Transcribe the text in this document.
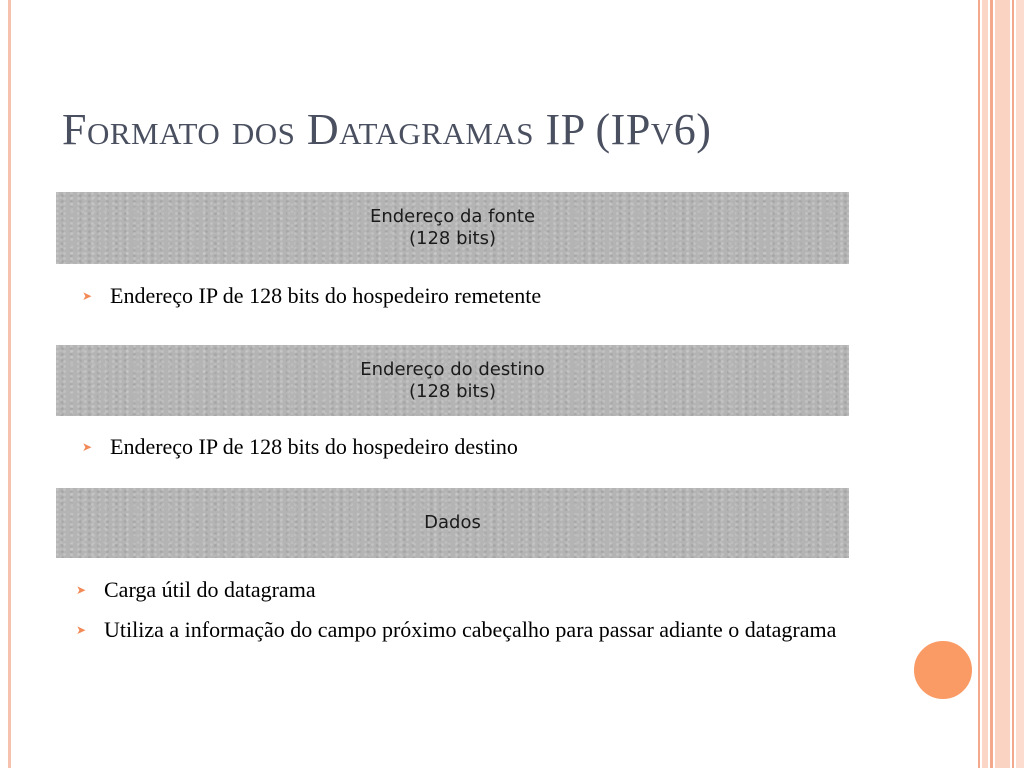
Formato dos Datagramas IP (IPv6)
Endereço da fonte
(128 bits)
➤ Endereço IP de 128 bits do hospedeiro remetente
Endereço do destino
(128 bits)
➤ Endereço IP de 128 bits do hospedeiro destino
Dados
➤ Carga útil do datagrama
➤ Utiliza a informação do campo próximo cabeçalho para passar adiante o datagrama
